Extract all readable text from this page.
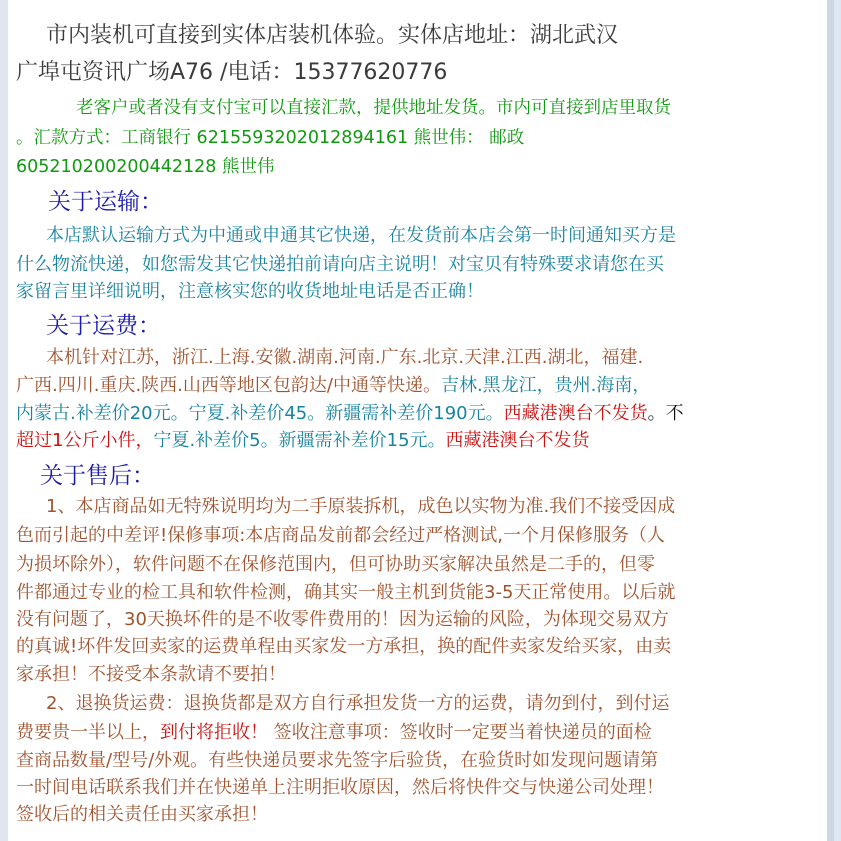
市内装机可直接到实体店装机体验。实体店地址：湖北武汉
广埠屯资讯广场A76 /电话：15377620776
老客户或者没有支付宝可以直接汇款，提供地址发货。市内可直接到店里取货
。汇款方式：工商银行 6215593202012894161 熊世伟： 邮政
605210200200442128 熊世伟
关于运输：
本店默认运输方式为中通或申通其它快递，在发货前本店会第一时间通知买方是
什么物流快递，如您需发其它快递拍前请向店主说明！对宝贝有特殊要求请您在买
家留言里详细说明，注意核实您的收货地址电话是否正确！
关于运费：
本机针对江苏，浙江.上海.安徽.湖南.河南.广东.北京.天津.江西.湖北，福建.
广西.四川.重庆.陕西.山西等地区包韵达/中通等快递。吉林.黑龙江，贵州.海南，
内蒙古.补差价20元。宁夏.补差价45。新疆需补差价190元。西藏港澳台不发货。不
超过1公斤小件，宁夏.补差价5。新疆需补差价15元。西藏港澳台不发货
关于售后：
1、本店商品如无特殊说明均为二手原装拆机，成色以实物为准.我们不接受因成
色而引起的中差评!保修事项:本店商品发前都会经过严格测试,一个月保修服务（人
为损坏除外），软件问题不在保修范围内，但可协助买家解决虽然是二手的，但零
件都通过专业的检工具和软件检测，确其实一般主机到货能3-5天正常使用。以后就
没有问题了，30天换坏件的是不收零件费用的！因为运输的风险，为体现交易双方
的真诚!坏件发回卖家的运费单程由买家发一方承担，换的配件卖家发给买家，由卖
家承担！不接受本条款请不要拍！
2、退换货运费：退换货都是双方自行承担发货一方的运费，请勿到付，到付运
费要贵一半以上，到付将拒收！ 签收注意事项：签收时一定要当着快递员的面检
查商品数量/型号/外观。有些快递员要求先签字后验货，在验货时如发现问题请第
一时间电话联系我们并在快递单上注明拒收原因，然后将快件交与快递公司处理！
签收后的相关责任由买家承担！
